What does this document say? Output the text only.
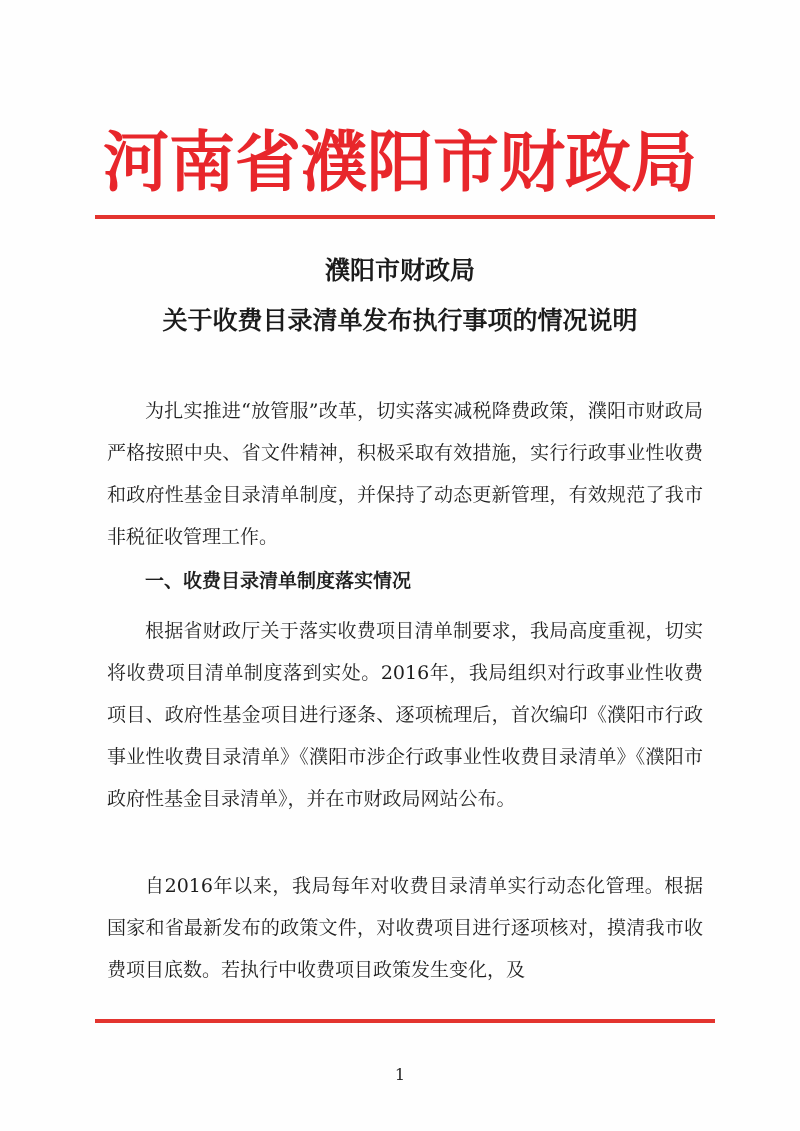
河南省濮阳市财政局
濮阳市财政局
关于收费目录清单发布执行事项的情况说明
为扎实推进“放管服”改革，切实落实减税降费政策，濮阳市财政局严格按照中央、省文件精神，积极采取有效措施，实行行政事业性收费和政府性基金目录清单制度，并保持了动态更新管理，有效规范了我市非税征收管理工作。
一、收费目录清单制度落实情况
根据省财政厅关于落实收费项目清单制要求，我局高度重视，切实将收费项目清单制度落到实处。2016年，我局组织对行政事业性收费项目、政府性基金项目进行逐条、逐项梳理后，首次编印《濮阳市行政事业性收费目录清单》《濮阳市涉企行政事业性收费目录清单》《濮阳市政府性基金目录清单》，并在市财政局网站公布。
自2016年以来，我局每年对收费目录清单实行动态化管理。根据国家和省最新发布的政策文件，对收费项目进行逐项核对，摸清我市收费项目底数。若执行中收费项目政策发生变化，及
1
